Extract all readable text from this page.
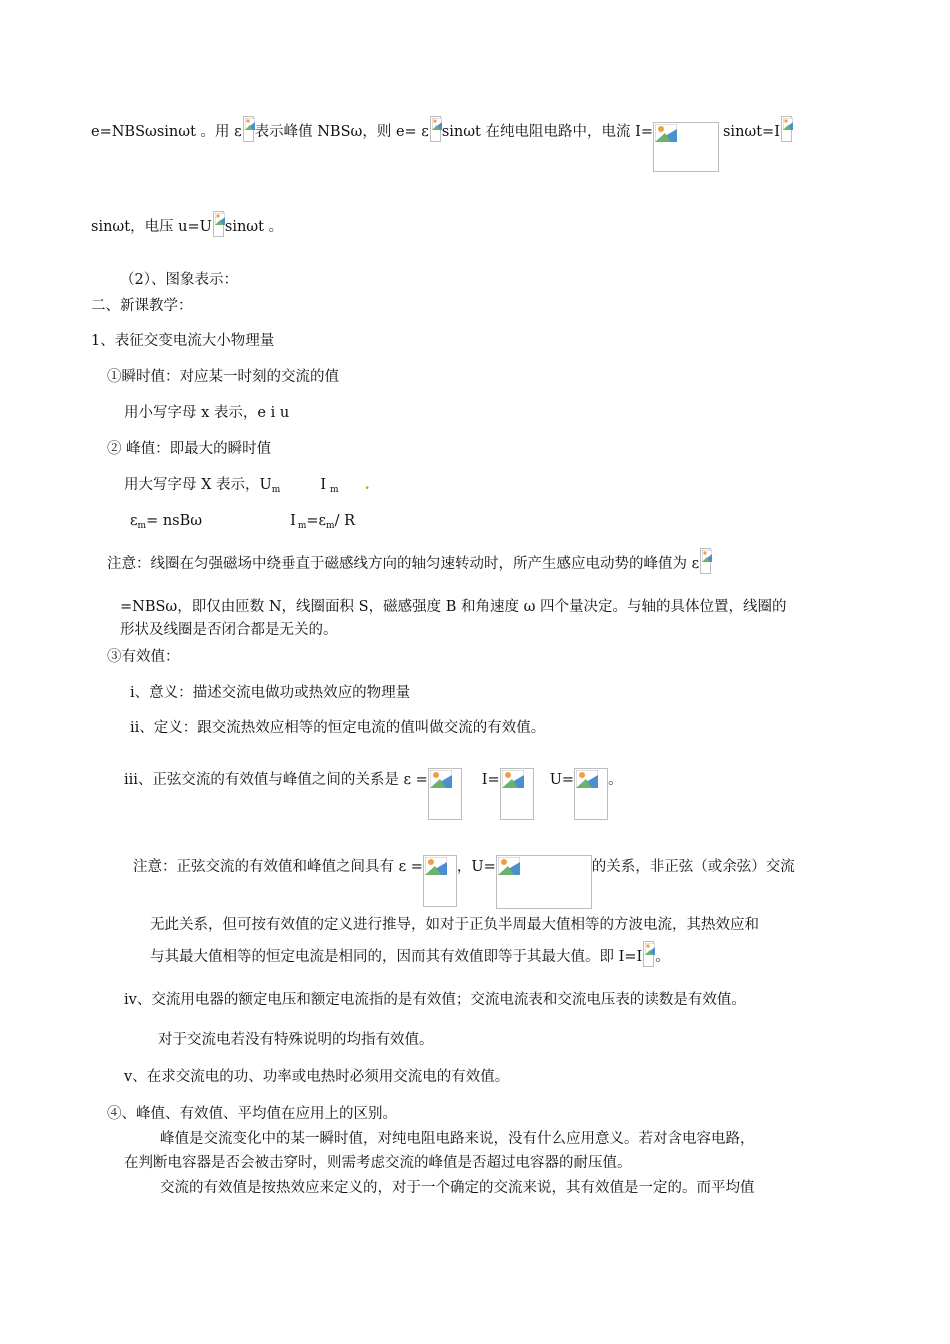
e=NBSωsinωt 。用 ε 表示峰值 NBSω，则 e= ε sinωt 在纯电阻电路中，电流 I=	sinωt=I
sinωt，电压 u=U sinωt 。
（2）、图象表示：
二、新课教学：
1、表征交变电流大小物理量
①瞬时值：对应某一时刻的交流的值
用小写字母 x 表示，e i u
② 峰值：即最大的瞬时值
用大写字母 X 表示，$U_m$	I $_m$ .
$\varepsilon_m= nsB\omega$	I $_m=\varepsilon_m/$ R
注意：线圈在匀强磁场中绕垂直于磁感线方向的轴匀速转动时，所产生感应电动势的峰值为 ε
=NBSω，即仅由匝数 N，线圈面积 S，磁感强度 B 和角速度 ω 四个量决定。与轴的具体位置，线圈的
形状及线圈是否闭合都是无关的。
③有效值：
ⅰ、意义：描述交流电做功或热效应的物理量
ⅱ、定义：跟交流热效应相等的恒定电流的值叫做交流的有效值。
ⅲ、正弦交流的有效值与峰值之间的关系是 ε =	I=	U= 。
注意：正弦交流的有效值和峰值之间具有 ε = ，U=	的关系，非正弦（或余弦）交流
无此关系，但可按有效值的定义进行推导，如对于正负半周最大值相等的方波电流，其热效应和
与其最大值相等的恒定电流是相同的，因而其有效值即等于其最大值。即 I=I 。
ⅳ、交流用电器的额定电压和额定电流指的是有效值；交流电流表和交流电压表的读数是有效值。
对于交流电若没有特殊说明的均指有效值。
ⅴ、在求交流电的功、功率或电热时必须用交流电的有效值。
④、峰值、有效值、平均值在应用上的区别。
峰值是交流变化中的某一瞬时值，对纯电阻电路来说，没有什么应用意义。若对含电容电路，
在判断电容器是否会被击穿时，则需考虑交流的峰值是否超过电容器的耐压值。
交流的有效值是按热效应来定义的，对于一个确定的交流来说，其有效值是一定的。而平均值
